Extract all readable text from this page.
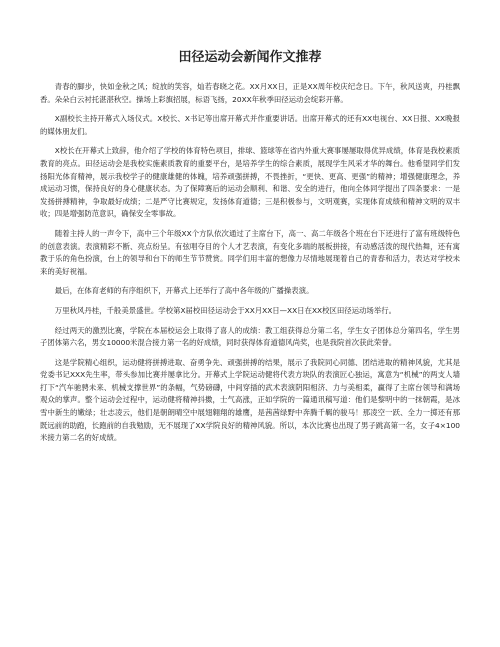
田径运动会新闻作文推荐

青春的脚步，快如金秋之风；绽放的笑容，灿若春晓之花。XX月XX日，正是XX周年校庆纪念日。下午，秋风送爽，丹桂飘香。朵朵白云衬托湛湛秋空。操场上彩旗招展，标语飞扬，20XX年秋季田径运动会绽彩开幕。

X副校长主持开幕式入场仪式。X校长、X书记等出席开幕式并作重要讲话。出席开幕式的还有XX电视台、XX日报、XX晚报的媒体朋友们。

X校长在开幕式上致辞，他介绍了学校的体育特色项目，排球、篮球等在省内外重大赛事屡屡取得优异成绩，体育是我校素质教育的亮点。田径运动会是我校实施素质教育的重要平台，是培养学生的综合素质，展现学生风采才华的舞台。他希望同学们发扬阳光体育精神，展示我校学子的健康雄健的体魄，培养顽强拼搏，不畏挫折，“更快、更高、更强”的精神；增强健康理念，养成运动习惯，保持良好的身心健康状态。为了保障赛后的运动会顺利、和谐、安全的进行，他向全体同学提出了四条要求：一是发扬拼搏精神，争取最好成绩；二是严守比赛规定，发扬体育道德；三是积极参与，文明观赛，实现体育成绩和精神文明的双丰收；四是增强防范意识，确保安全零事故。

随着主持人的一声令下，高中三个年级XX个方队依次通过了主席台下，高一、高二年级各个班在台下还进行了富有班级特色的创意表演。表演精彩不断、亮点纷呈。有弦唱夺目的个人才艺表演，有变化多端的展板拼接，有动感活泼的现代热舞，还有寓教于乐的角色扮演，台上的领导和台下的师生节节赞赏。同学们用丰富的想像力尽情地展现着自己的青春和活力，表达对学校未来的美好祝福。

最后，在体育老师的有序组织下，开幕式上还举行了高中各年级的广播操表演。

万里秋风丹桂，千般美景盛世。学校第X届校田径运动会于XX月XX日—XX日在XX校区田径运动场举行。

经过两天的激烈比赛，学院在本届校运会上取得了喜人的成绩：教工组获得总分第二名，学生女子团体总分第四名，学生男子团体第六名，男女10000米混合接力第一名的好成绩，同时获得体育道德风尚奖，也是我院首次获此荣誉。

这是学院精心组织，运动健将拼搏进取、奋勇争先、顽强拼搏的结果，展示了我院同心同德、团结进取的精神风貌，尤其是党委书记XXX先生率，带头参加比赛并屡拿比分。开幕式上学院运动健将代表方块队的表演匠心独运，寓意为“机械”的两支人墙打下“汽车驰骋未来、机械支撑世界”的条幅，气势磅礴，中间穿插的武术表演阴阳相济、力与美相柔，赢得了主席台领导和满场观众的掌声。整个运动会过程中，运动健将精神抖擞，士气高涨，正如学院的一篇通讯稿写道：他们是黎明中的一抹朝霞，是冰雪中新生的嫩绿；壮志凌云，他们是朝朗晴空中展翅翱翔的雄鹰，是茜茜绿野中奔腾千羁的骏马！那凌空一跃、全力一掷还有那既远前的助跑，长跑前的自我勉励，无不展现了XX学院良好的精神风貌。所以，本次比赛也出现了男子跳高第一名，女子4×100米接力第二名的好成绩。
